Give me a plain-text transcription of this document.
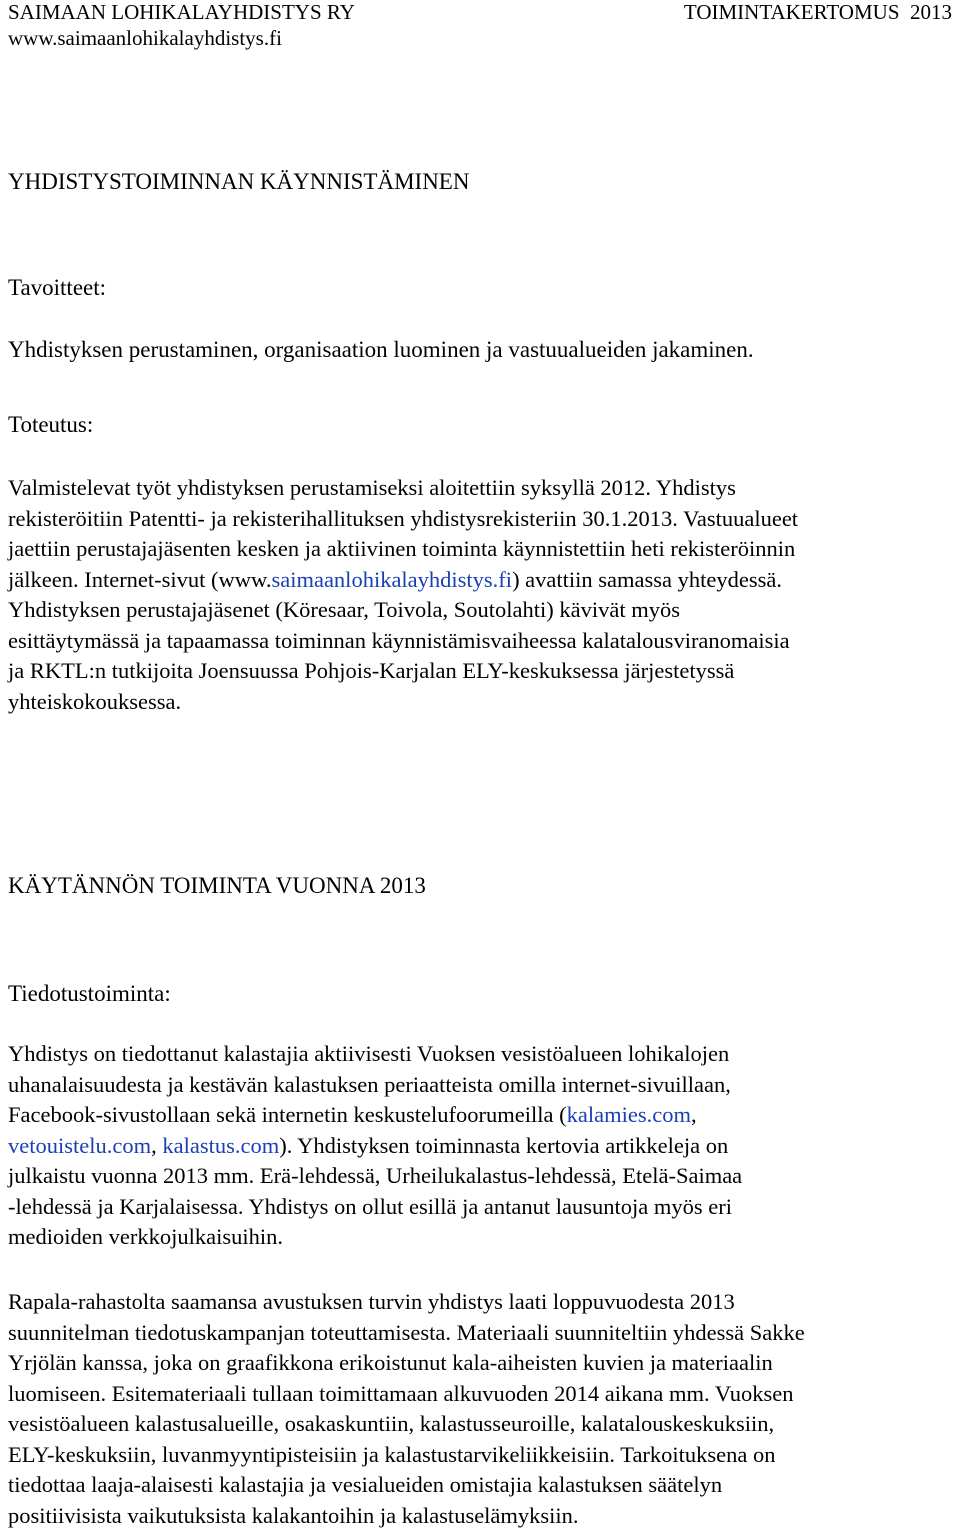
SAIMAAN LOHIKALAYHDISTYS RY	TOIMINTAKERTOMUS 2013
www.saimaanlohikalayhdistys.fi
YHDISTYSTOIMINNAN KÄYNNISTÄMINEN
Tavoitteet:
Yhdistyksen perustaminen, organisaation luominen ja vastuualueiden jakaminen.
Toteutus:
Valmistelevat työt yhdistyksen perustamiseksi aloitettiin syksyllä 2012. Yhdistys
rekisteröitiin Patentti- ja rekisterihallituksen yhdistysrekisteriin 30.1.2013. Vastuualueet
jaettiin perustajajäsenten kesken ja aktiivinen toiminta käynnistettiin heti rekisteröinnin
jälkeen. Internet-sivut (www.saimaanlohikalayhdistys.fi) avattiin samassa yhteydessä.
Yhdistyksen perustajajäsenet (Köresaar, Toivola, Soutolahti) kävivät myös
esittäytymässä ja tapaamassa toiminnan käynnistämisvaiheessa kalatalousviranomaisia
ja RKTL:n tutkijoita Joensuussa Pohjois-Karjalan ELY-keskuksessa järjestetyssä
yhteiskokouksessa.
KÄYTÄNNÖN TOIMINTA VUONNA 2013
Tiedotustoiminta:
Yhdistys on tiedottanut kalastajia aktiivisesti Vuoksen vesistöalueen lohikalojen
uhanalaisuudesta ja kestävän kalastuksen periaatteista omilla internet-sivuillaan,
Facebook-sivustollaan sekä internetin keskustelufoorumeilla (kalamies.com,
vetouistelu.com, kalastus.com). Yhdistyksen toiminnasta kertovia artikkeleja on
julkaistu vuonna 2013 mm. Erä-lehdessä, Urheilukalastus-lehdessä, Etelä-Saimaa
-lehdessä ja Karjalaisessa. Yhdistys on ollut esillä ja antanut lausuntoja myös eri
medioiden verkkojulkaisuihin.
Rapala-rahastolta saamansa avustuksen turvin yhdistys laati loppuvuodesta 2013
suunnitelman tiedotuskampanjan toteuttamisesta. Materiaali suunniteltiin yhdessä Sakke
Yrjölän kanssa, joka on graafikkona erikoistunut kala-aiheisten kuvien ja materiaalin
luomiseen. Esitemateriaali tullaan toimittamaan alkuvuoden 2014 aikana mm. Vuoksen
vesistöalueen kalastusalueille, osakaskuntiin, kalastusseuroille, kalatalouskeskuksiin,
ELY-keskuksiin, luvanmyyntipisteisiin ja kalastustarvikeliikkeisiin. Tarkoituksena on
tiedottaa laaja-alaisesti kalastajia ja vesialueiden omistajia kalastuksen säätelyn
positiivisista vaikutuksista kalakantoihin ja kalastuselämyksiin.
